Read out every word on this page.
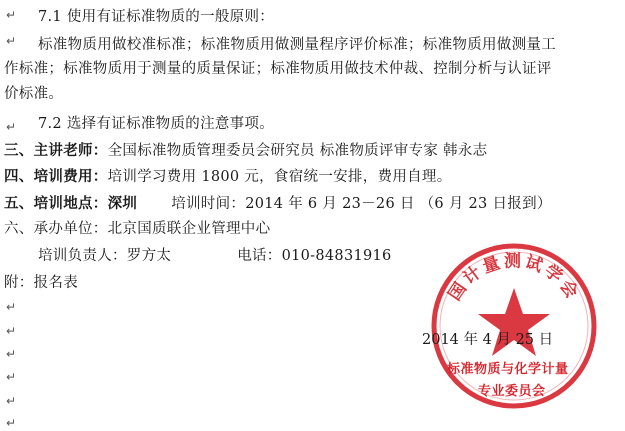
↵
↵
↵
↵
↵
↵
↵
↵
↵
7.1 使用有证标准物质的一般原则：
标准物质用做校准标准；标准物质用做测量程序评价标准；标准物质用做测量工
作标准；标准物质用于测量的质量保证；标准物质用做技术仲裁、控制分析与认证评
价标准。
7.2 选择有证标准物质的注意事项。
三、主讲老师：全国标准物质管理委员会研究员 标准物质评审专家 韩永志
四、培训费用：培训学习费用 1800 元，食宿统一安排，费用自理。
五、培训地点：深圳 培训时间：2014 年 6 月 23－26 日 （6 月 23 日报到）
六、承办单位：北京国质联企业管理中心
培训负责人：罗方太	电话：010-84831916
附：报名表	国计量测试学会
标准物质与化学计量
专业委员会
2014 年 4 月 25 日
